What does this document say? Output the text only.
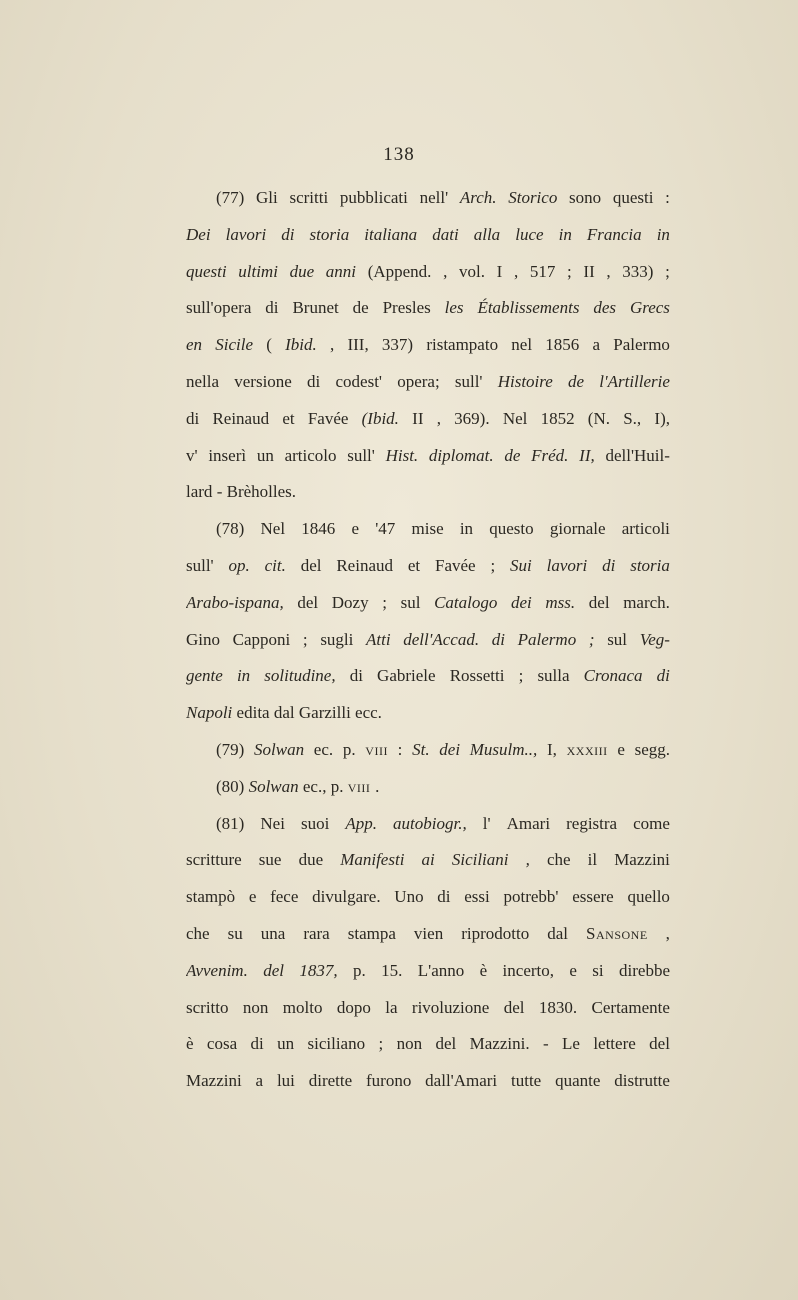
138
(77) Gli scritti pubblicati nell' Arch. Storico sono questi :
Dei lavori di storia italiana dati alla luce in Francia in
questi ultimi due anni (Append. , vol. I , 517 ; II , 333) ;
sull'opera di Brunet de Presles les Établissements des Grecs
en Sicile ( Ibid. , III, 337) ristampato nel 1856 a Palermo
nella versione di codest' opera; sull' Histoire de l'Artillerie
di Reinaud et Favée (Ibid. II , 369). Nel 1852 (N. S., I),
v' inserì un articolo sull' Hist. diplomat. de Fréd. II, dell'Huil-
lard - Brèholles.
(78) Nel 1846 e '47 mise in questo giornale articoli
sull' op. cit. del Reinaud et Favée ; Sui lavori di storia
Arabo-ispana, del Dozy ; sul Catalogo dei mss. del march.
Gino Capponi ; sugli Atti dell'Accad. di Palermo ; sul Veg-
gente in solitudine, di Gabriele Rossetti ; sulla Cronaca di
Napoli edita dal Garzilli ecc.
(79) Solwan ec. p. viii : St. dei Musulm.., I, xxxiii e segg.
(80) Solwan ec., p. viii .
(81) Nei suoi App. autobiogr., l' Amari registra come
scritture sue due Manifesti ai Siciliani , che il Mazzini
stampò e fece divulgare. Uno di essi potrebb' essere quello
che su una rara stampa vien riprodotto dal Sansone ,
Avvenim. del 1837, p. 15. L'anno è incerto, e si direbbe
scritto non molto dopo la rivoluzione del 1830. Certamente
è cosa di un siciliano ; non del Mazzini. - Le lettere del
Mazzini a lui dirette furono dall'Amari tutte quante distrutte
